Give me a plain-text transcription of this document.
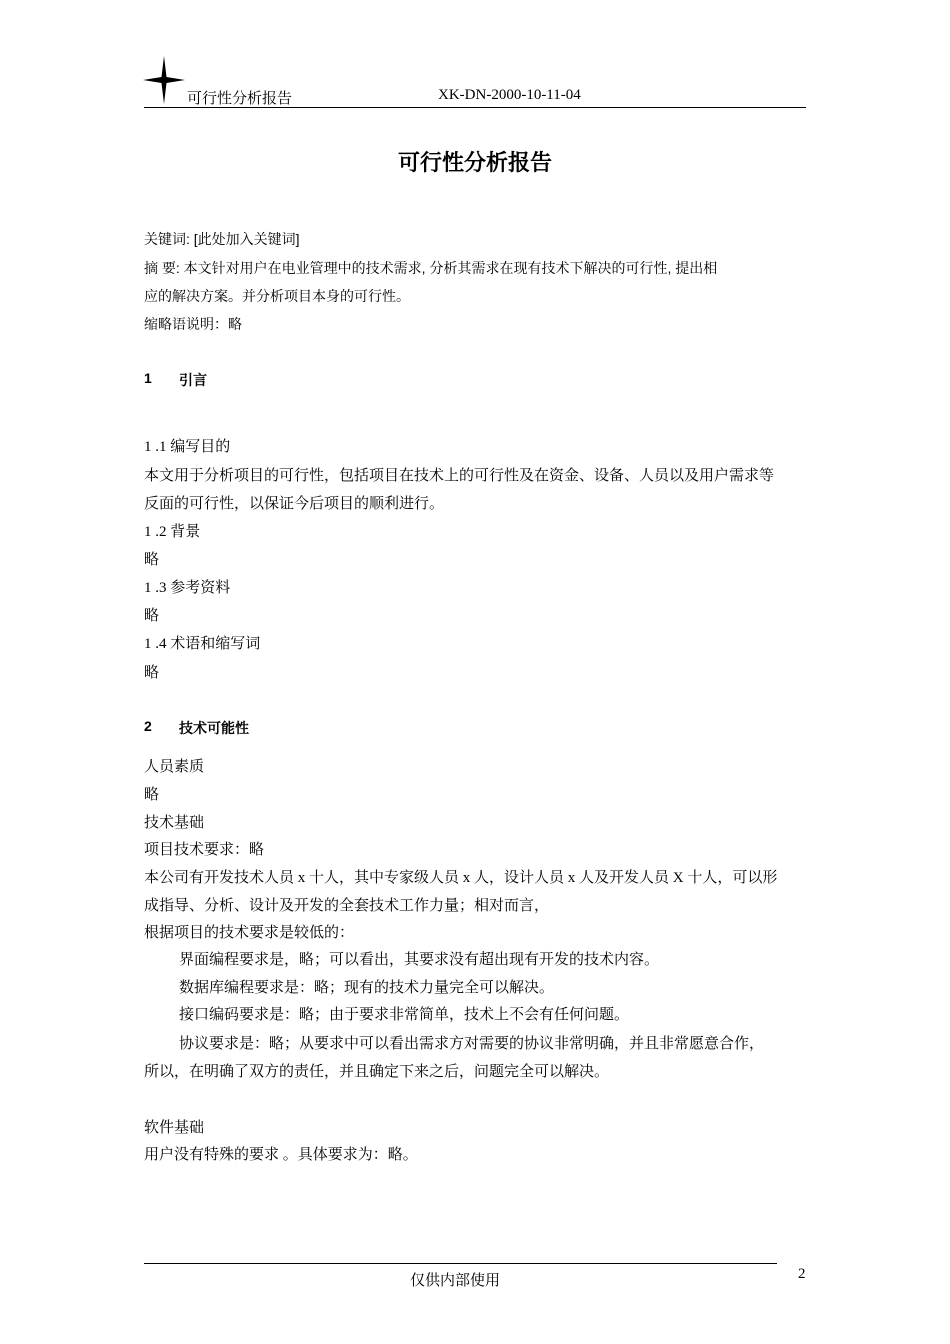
可行性分析报告	XK-DN-2000-10-11-04
可行性分析报告
关键词: [此处加入关键词]
摘 要: 本文针对用户在电业管理中的技术需求, 分析其需求在现有技术下解决的可行性, 提出相
应的解决方案。并分析项目本身的可行性。
缩略语说明：略
1 引言
1 .1 编写目的
本文用于分析项目的可行性，包括项目在技术上的可行性及在资金、设备、人员以及用户需求等
反面的可行性，以保证今后项目的顺利进行。
1 .2 背景
略
1 .3 参考资料
略
1 .4 术语和缩写词
略
2 技术可能性
人员素质
略
技术基础
项目技术要求：略
本公司有开发技术人员 x 十人，其中专家级人员 x 人，设计人员 x 人及开发人员 X 十人，可以形
成指导、分析、设计及开发的全套技术工作力量；相对而言，
根据项目的技术要求是较低的：
界面编程要求是，略；可以看出，其要求没有超出现有开发的技术内容。
数据库编程要求是：略；现有的技术力量完全可以解决。
接口编码要求是：略；由于要求非常简单，技术上不会有任何问题。
协议要求是：略；从要求中可以看出需求方对需要的协议非常明确，并且非常愿意合作，
所以，在明确了双方的责任，并且确定下来之后，问题完全可以解决。
软件基础
用户没有特殊的要求 。具体要求为：略。
仅供内部使用	2
